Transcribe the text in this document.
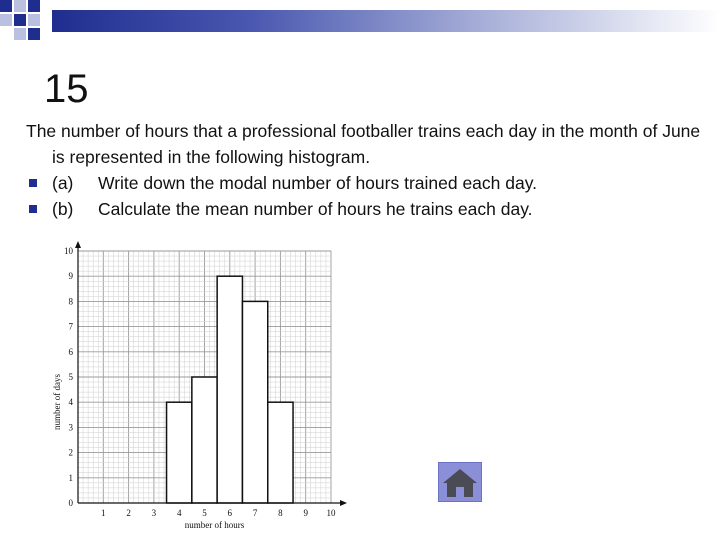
15
The number of hours that a professional footballer trains each day in the month of June is represented in the following histogram.
(a) Write down the modal number of hours trained each day.
(b) Calculate the mean number of hours he trains each day.
1 2 3 4 5 6 7 8 9 10
0
1
2
3
4
5
6
7
8
9
10
number of hours
number of days
